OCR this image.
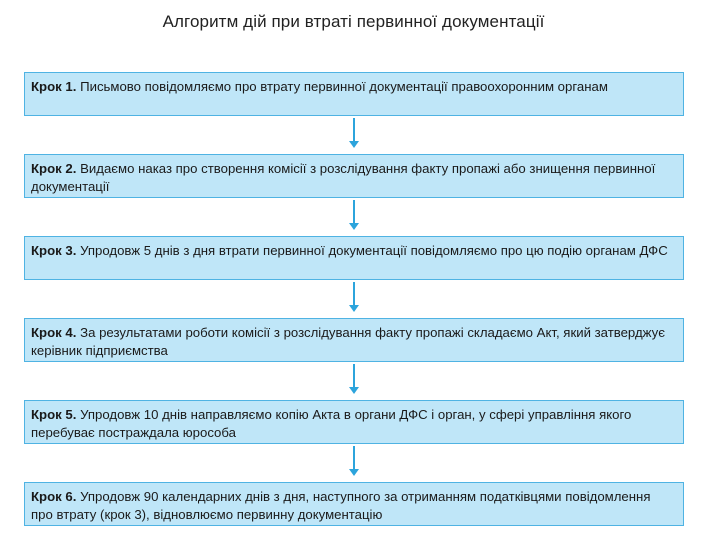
Алгоритм дій при втраті первинної документації
Крок 1. Письмово повідомляємо про втрату первинної документації правоохоронним органам
Крок 2. Видаємо наказ про створення комісії з розслідування факту пропажі або знищення первинної документації
Крок 3. Упродовж 5 днів з дня втрати первинної документації повідомляємо про цю подію органам ДФС
Крок 4. За результатами роботи комісії з розслідування факту пропажі складаємо Акт, який затверджує керівник підприємства
Крок 5. Упродовж 10 днів направляємо копію Акта в органи ДФС і орган, у сфері управління якого перебуває постраждала юрособа
Крок 6. Упродовж 90 календарних днів з дня, наступного за отриманням податківцями повідомлення про втрату (крок 3), відновлюємо первинну документацію
